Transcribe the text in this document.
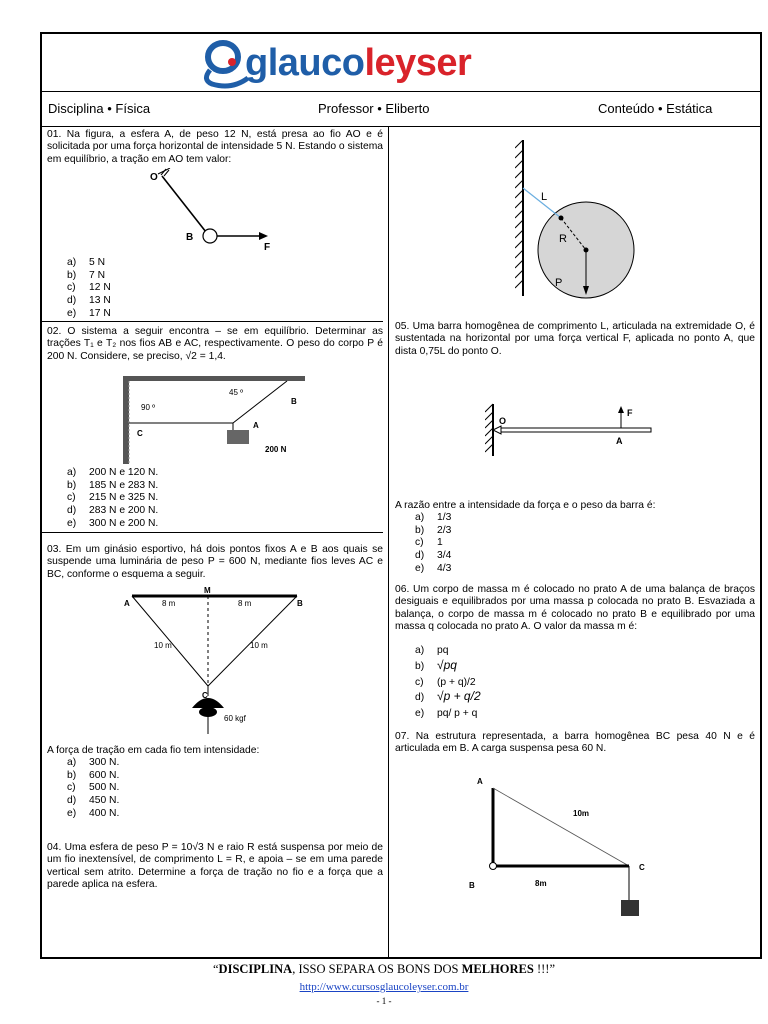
glaucoleyser
Disciplina • Física	Professor • Eliberto	Conteúdo • Estática
01. Na figura, a esfera A, de peso 12 N, está presa ao fio AO e é solicitada por uma força horizontal de intensidade 5 N. Estando o sistema em equilíbrio, a tração em AO tem valor:
O
B
F
a) 5 N
b) 7 N
c) 12 N
d) 13 N
e) 17 N
02. O sistema a seguir encontra – se em equilíbrio. Determinar as trações T₁ e T₂ nos fios AB e AC, respectivamente. O peso do corpo P é 200 N. Considere, se preciso, √2 = 1,4.
90 º
45 º
B
C
A
200 N
a) 200 N e 120 N.
b) 185 N e 283 N.
c) 215 N e 325 N.
d) 283 N e 200 N.
e) 300 N e 200 N.
03. Em um ginásio esportivo, há dois pontos fixos A e B aos quais se suspende uma luminária de peso P = 600 N, mediante fios leves AC e BC, conforme o esquema a seguir.
A
M
B
C
8 m	8 m
10 m	10 m
60 kgf
A força de tração em cada fio tem intensidade:
a) 300 N.
b) 600 N.
c) 500 N.
d) 450 N.
e) 400 N.
04. Uma esfera de peso P = 10√3 N e raio R está suspensa por meio de um fio inextensível, de comprimento L = R, e apoia – se em uma parede vertical sem atrito. Determine a força de tração no fio e a força que a parede aplica na esfera.
L
R
P
05. Uma barra homogênea de comprimento L, articulada na extremidade O, é sustentada na horizontal por uma força vertical F, aplicada no ponto A, que dista 0,75L do ponto O.
O
A
F
A razão entre a intensidade da força e o peso da barra é:
a) 1/3
b) 2/3
c) 1
d) 3/4
e) 4/3
06. Um corpo de massa m é colocado no prato A de uma balança de braços desiguais e equilibrados por uma massa p colocada no prato B. Esvaziada a balança, o corpo de massa m é colocado no prato B e equilibrado por uma massa q colocada no prato A. O valor da massa m é:
a) pq
b) √pq
c) (p + q)/2
d) √p + q/2
e) pq/ p + q
07. Na estrutura representada, a barra homogênea BC pesa 40 N e é articulada em B. A carga suspensa pesa 60 N.
A
B
C
10m
8m
“DISCIPLINA, ISSO SEPARA OS BONS DOS MELHORES !!!”
http://www.cursosglaucoleyser.com.br
- 1 -
